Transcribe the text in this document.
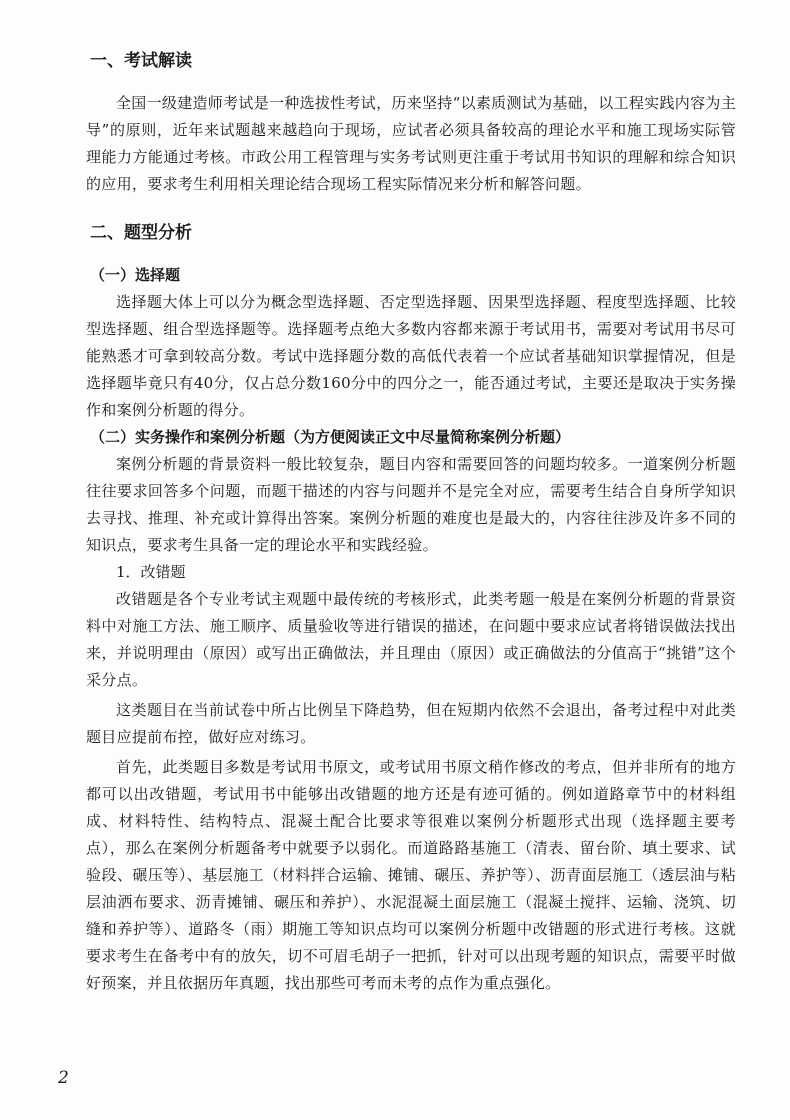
一、考试解读

全国一级建造师考试是一种选拔性考试，历来坚持“以素质测试为基础，以工程实践内容为主导”的原则，近年来试题越来越趋向于现场，应试者必须具备较高的理论水平和施工现场实际管理能力方能通过考核。市政公用工程管理与实务考试则更注重于考试用书知识的理解和综合知识的应用，要求考生利用相关理论结合现场工程实际情况来分析和解答问题。

二、题型分析
（一）选择题

选择题大体上可以分为概念型选择题、否定型选择题、因果型选择题、程度型选择题、比较型选择题、组合型选择题等。选择题考点绝大多数内容都来源于考试用书，需要对考试用书尽可能熟悉才可拿到较高分数。考试中选择题分数的高低代表着一个应试者基础知识掌握情况，但是选择题毕竟只有40分，仅占总分数160分中的四分之一，能否通过考试，主要还是取决于实务操作和案例分析题的得分。

（二）实务操作和案例分析题（为方便阅读正文中尽量简称案例分析题）

案例分析题的背景资料一般比较复杂，题目内容和需要回答的问题均较多。一道案例分析题往往要求回答多个问题，而题干描述的内容与问题并不是完全对应，需要考生结合自身所学知识去寻找、推理、补充或计算得出答案。案例分析题的难度也是最大的，内容往往涉及许多不同的知识点，要求考生具备一定的理论水平和实践经验。

1．改错题

改错题是各个专业考试主观题中最传统的考核形式，此类考题一般是在案例分析题的背景资料中对施工方法、施工顺序、质量验收等进行错误的描述，在问题中要求应试者将错误做法找出来，并说明理由（原因）或写出正确做法，并且理由（原因）或正确做法的分值高于“挑错”这个采分点。

这类题目在当前试卷中所占比例呈下降趋势，但在短期内依然不会退出，备考过程中对此类题目应提前布控，做好应对练习。

首先，此类题目多数是考试用书原文，或考试用书原文稍作修改的考点，但并非所有的地方都可以出改错题，考试用书中能够出改错题的地方还是有迹可循的。例如道路章节中的材料组成、材料特性、结构特点、混凝土配合比要求等很难以案例分析题形式出现（选择题主要考点），那么在案例分析题备考中就要予以弱化。而道路路基施工（清表、留台阶、填土要求、试验段、碾压等）、基层施工（材料拌合运输、摊铺、碾压、养护等）、沥青面层施工（透层油与粘层油洒布要求、沥青摊铺、碾压和养护）、水泥混凝土面层施工（混凝土搅拌、运输、浇筑、切缝和养护等）、道路冬（雨）期施工等知识点均可以案例分析题中改错题的形式进行考核。这就要求考生在备考中有的放矢，切不可眉毛胡子一把抓，针对可以出现考题的知识点，需要平时做好预案，并且依据历年真题，找出那些可考而未考的点作为重点强化。

2
